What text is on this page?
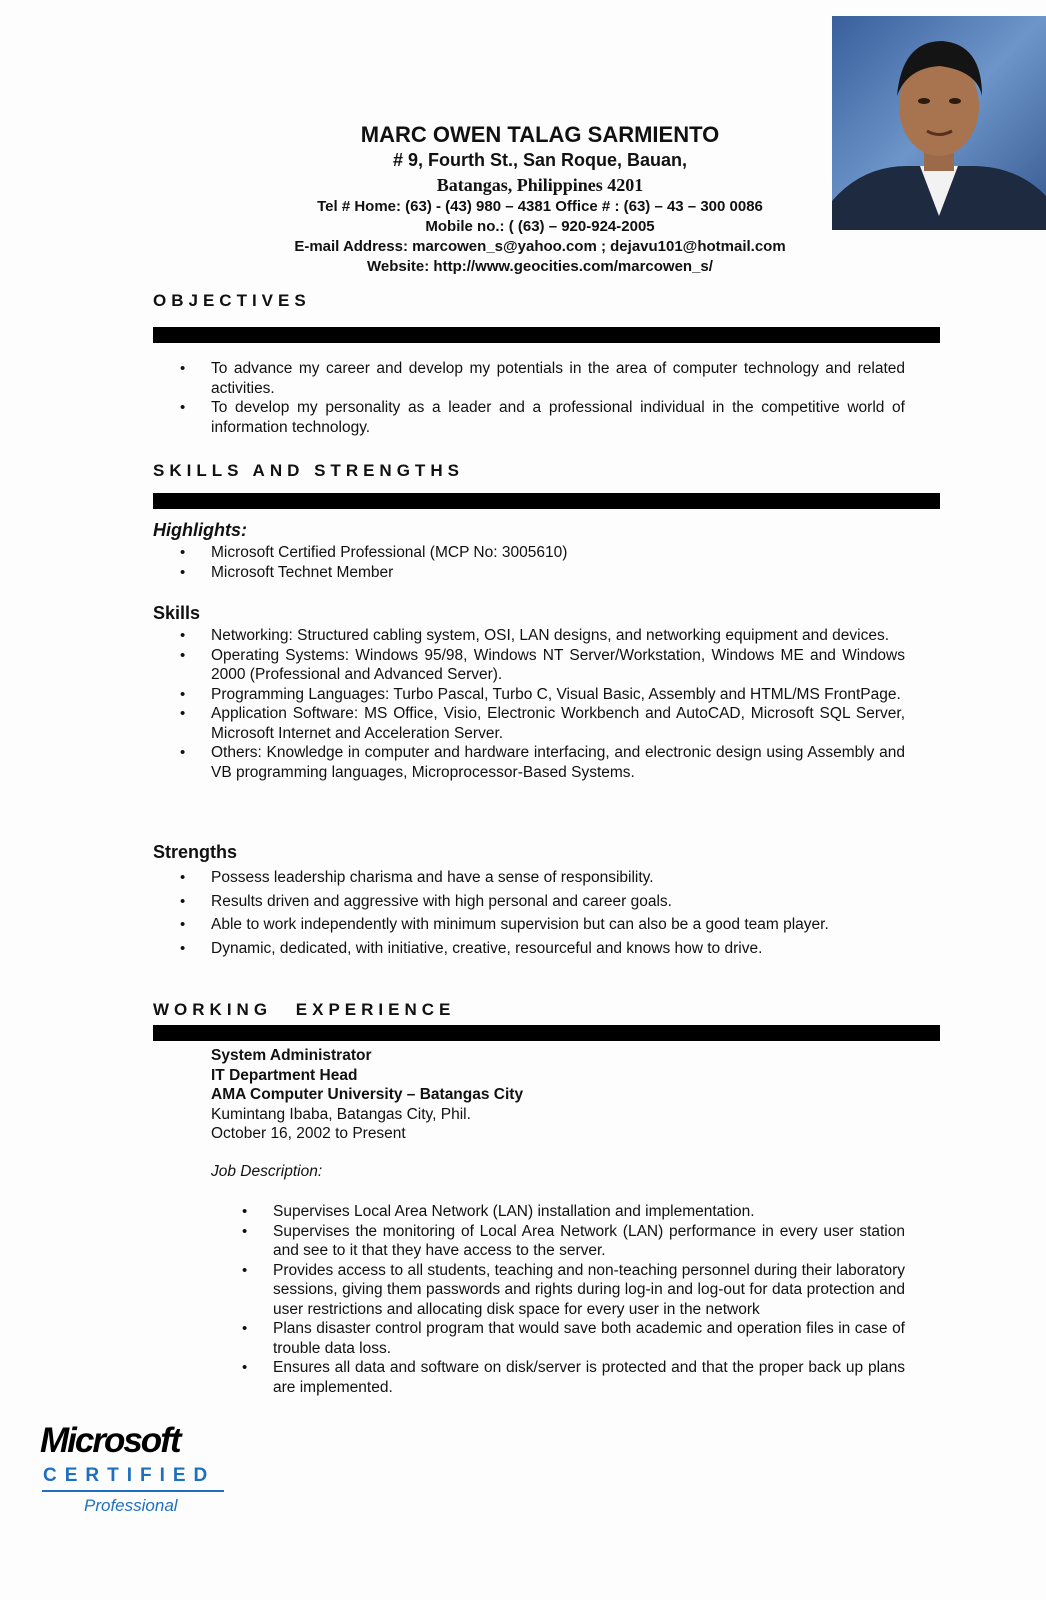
MARC OWEN TALAG SARMIENTO
# 9, Fourth St., San Roque, Bauan,
Batangas, Philippines 4201
Tel # Home: (63) - (43) 980 – 4381 Office # : (63) – 43 – 300 0086
Mobile no.: ( (63) – 920-924-2005
E-mail Address: marcowen_s@yahoo.com ; dejavu101@hotmail.com
Website: http://www.geocities.com/marcowen_s/
OBJECTIVES
• To advance my career and develop my potentials in the area of computer technology and related activities.
• To develop my personality as a leader and a professional individual in the competitive world of information technology.
SKILLS AND STRENGTHS
Highlights:
• Microsoft Certified Professional (MCP No: 3005610)
• Microsoft Technet Member
Skills
• Networking: Structured cabling system, OSI, LAN designs, and networking equipment and devices.
• Operating Systems: Windows 95/98, Windows NT Server/Workstation, Windows ME and Windows 2000 (Professional and Advanced Server).
• Programming Languages: Turbo Pascal, Turbo C, Visual Basic, Assembly and HTML/MS FrontPage.
• Application Software: MS Office, Visio, Electronic Workbench and AutoCAD, Microsoft SQL Server, Microsoft Internet and Acceleration Server.
• Others: Knowledge in computer and hardware interfacing, and electronic design using Assembly and VB programming languages, Microprocessor-Based Systems.
Strengths
• Possess leadership charisma and have a sense of responsibility.
• Results driven and aggressive with high personal and career goals.
• Able to work independently with minimum supervision but can also be a good team player.
• Dynamic, dedicated, with initiative, creative, resourceful and knows how to drive.
WORKING EXPERIENCE
System Administrator
IT Department Head
AMA Computer University – Batangas City
Kumintang Ibaba, Batangas City, Phil.
October 16, 2002 to Present
Job Description:
• Supervises Local Area Network (LAN) installation and implementation.
• Supervises the monitoring of Local Area Network (LAN) performance in every user station and see to it that they have access to the server.
• Provides access to all students, teaching and non-teaching personnel during their laboratory sessions, giving them passwords and rights during log-in and log-out for data protection and user restrictions and allocating disk space for every user in the network
• Plans disaster control program that would save both academic and operation files in case of trouble data loss.
• Ensures all data and software on disk/server is protected and that the proper back up plans are implemented.
Microsoft
CERTIFIED
Professional
